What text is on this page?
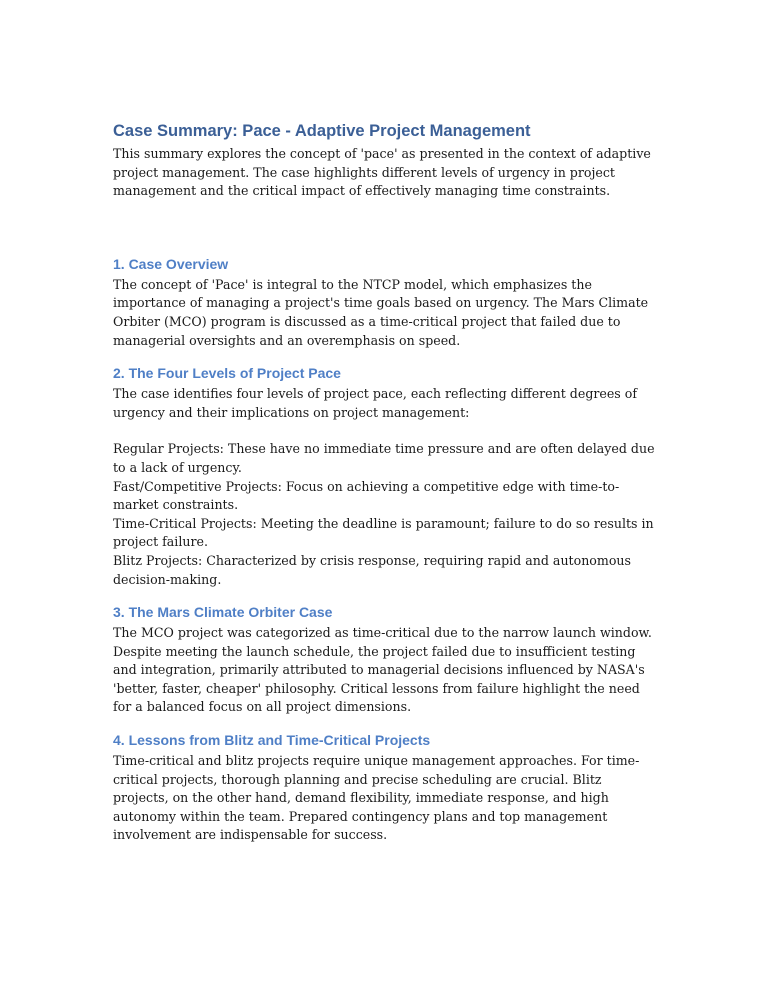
Case Summary: Pace - Adaptive Project Management

This summary explores the concept of 'pace' as presented in the context of adaptive project management. The case highlights different levels of urgency in project management and the critical impact of effectively managing time constraints.

1. Case Overview

The concept of 'Pace' is integral to the NTCP model, which emphasizes the importance of managing a project's time goals based on urgency. The Mars Climate Orbiter (MCO) program is discussed as a time-critical project that failed due to managerial oversights and an overemphasis on speed.

2. The Four Levels of Project Pace

The case identifies four levels of project pace, each reflecting different degrees of urgency and their implications on project management:

Regular Projects: These have no immediate time pressure and are often delayed due to a lack of urgency.

Fast/Competitive Projects: Focus on achieving a competitive edge with time-to-market constraints.

Time-Critical Projects: Meeting the deadline is paramount; failure to do so results in project failure.

Blitz Projects: Characterized by crisis response, requiring rapid and autonomous decision-making.

3. The Mars Climate Orbiter Case

The MCO project was categorized as time-critical due to the narrow launch window. Despite meeting the launch schedule, the project failed due to insufficient testing and integration, primarily attributed to managerial decisions influenced by NASA's 'better, faster, cheaper' philosophy. Critical lessons from failure highlight the need for a balanced focus on all project dimensions.

4. Lessons from Blitz and Time-Critical Projects

Time-critical and blitz projects require unique management approaches. For time-critical projects, thorough planning and precise scheduling are crucial. Blitz projects, on the other hand, demand flexibility, immediate response, and high autonomy within the team. Prepared contingency plans and top management involvement are indispensable for success.
